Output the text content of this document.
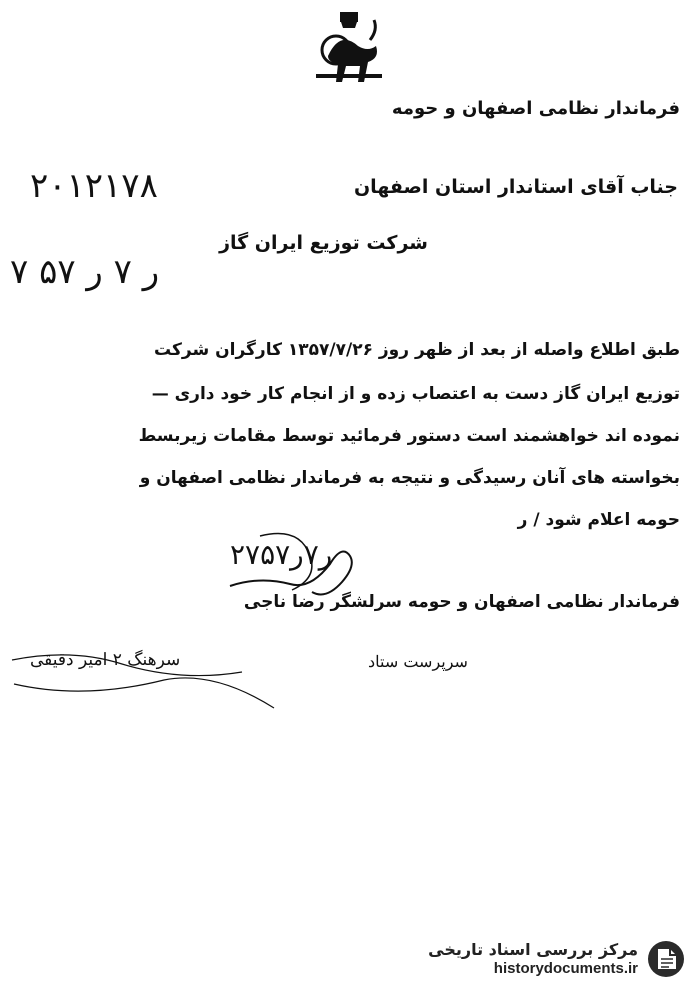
فرماندار نظامی اصفهان و حومه
۲۰۱۲۱۷۸	جناب آقای استاندار استان اصفهان
شرکت توزیع ایران گاز
۷ ر ۷ ر ۵۷
طبق اطلاع واصله از بعد از ظهر روز ۱۳۵۷/۷/۲۶ کارگران شرکت
توزیع ایران گاز دست به اعتصاب زده و از انجام کار خود داری —
نموده اند خواهشمند است دستور فرمائید توسط مقامات زیربسط
بخواسته های آنان رسیدگی و نتیجه به فرماندار نظامی اصفهان و
حومه اعلام شود / ر
۲۷ر۷ر۵۷
فرماندار نظامی اصفهان و حومه سرلشگر رضا ناجی
سرپرست ستاد
سرهنگ ۲ امیر دقیقی
مرکز بررسی اسناد تاریخی
historydocuments.ir
